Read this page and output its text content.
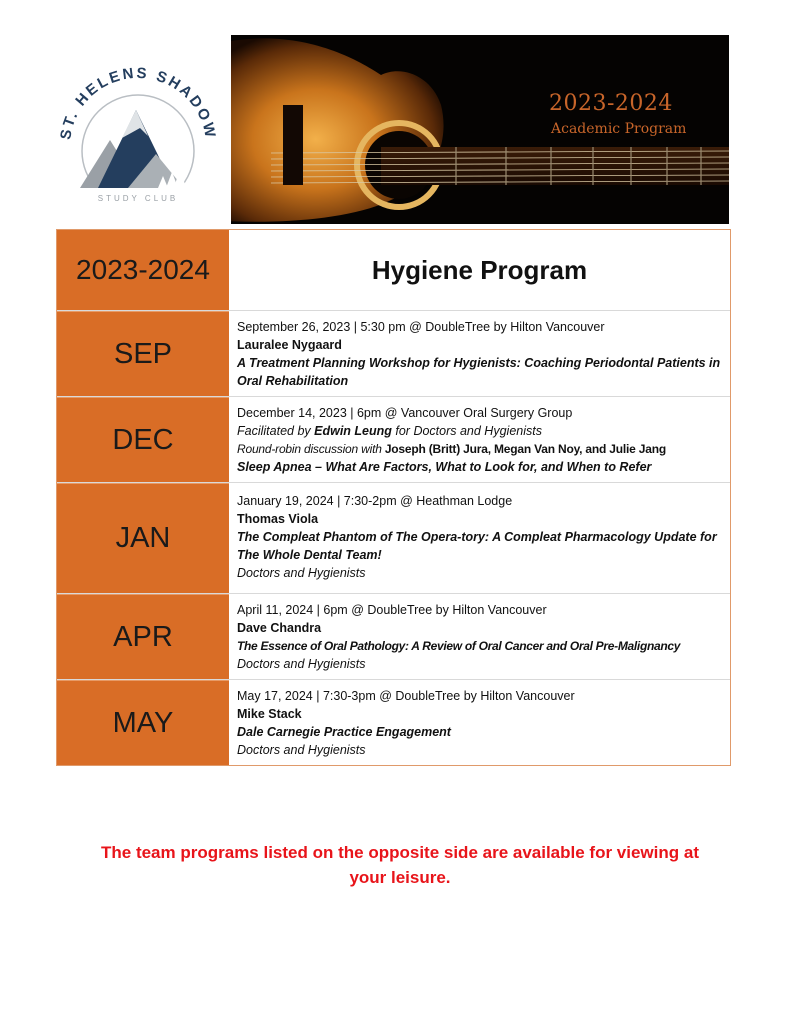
ST. HELENS SHADOW
STUDY CLUB
2023-2024
Academic Program
2023-2024	Hygiene Program
SEP
September 26, 2023 | 5:30 pm @ DoubleTree by Hilton Vancouver
Lauralee Nygaard
A Treatment Planning Workshop for Hygienists: Coaching Periodontal Patients in Oral Rehabilitation
DEC
December 14, 2023 | 6pm @ Vancouver Oral Surgery Group
Facilitated by Edwin Leung for Doctors and Hygienists
Round-robin discussion with Joseph (Britt) Jura, Megan Van Noy, and Julie Jang
Sleep Apnea – What Are Factors, What to Look for, and When to Refer
JAN
January 19, 2024 | 7:30-2pm @ Heathman Lodge
Thomas Viola
The Compleat Phantom of The Opera-tory: A Compleat Pharmacology Update for The Whole Dental Team!
Doctors and Hygienists
APR
April 11, 2024 | 6pm @ DoubleTree by Hilton Vancouver
Dave Chandra
The Essence of Oral Pathology: A Review of Oral Cancer and Oral Pre-Malignancy
Doctors and Hygienists
MAY
May 17, 2024 | 7:30-3pm @ DoubleTree by Hilton Vancouver
Mike Stack
Dale Carnegie Practice Engagement
Doctors and Hygienists
The team programs listed on the opposite side are available for viewing at your leisure.
